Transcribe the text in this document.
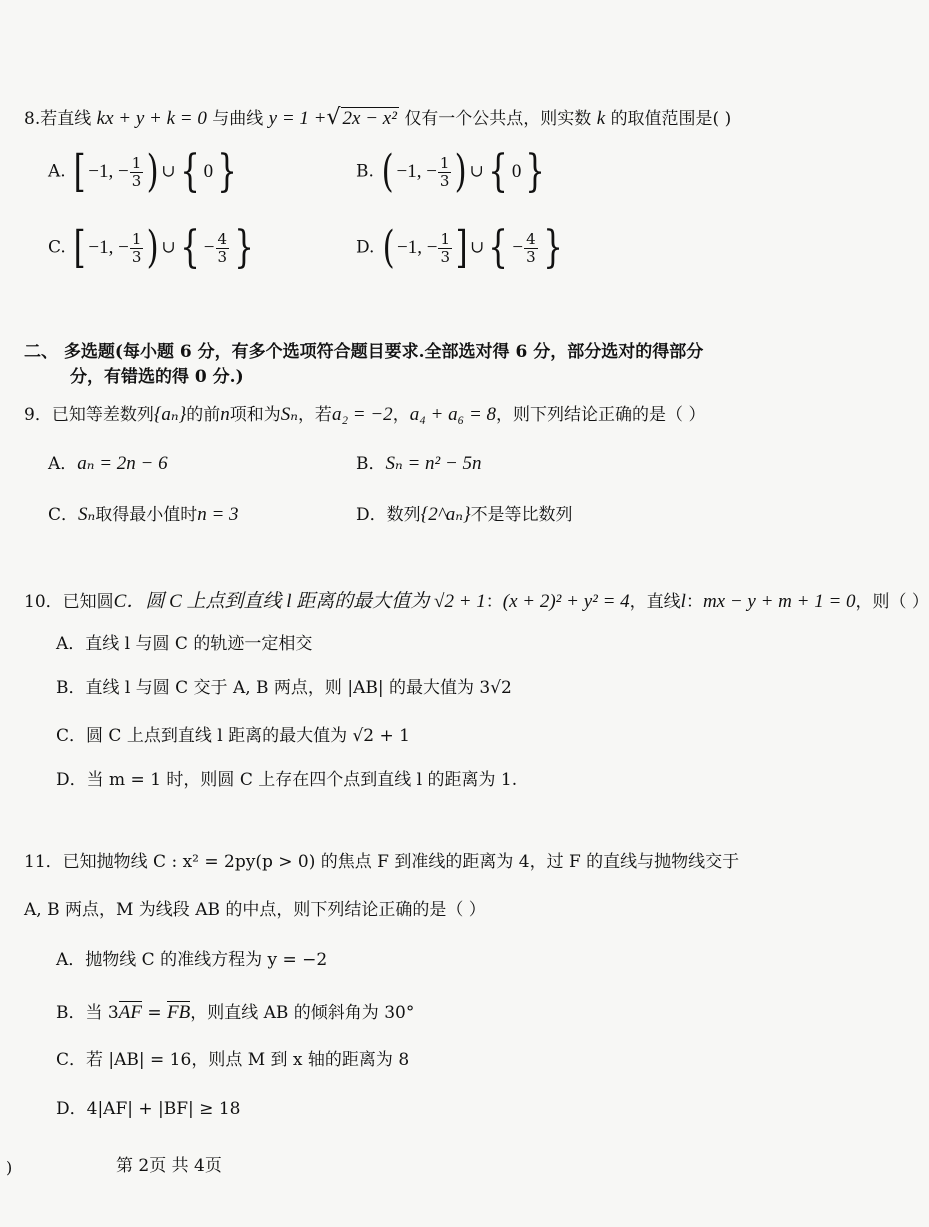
8.若直线 kx + y + k = 0 与曲线 y = 1 +√ 2x − x² 仅有一个公共点，则实数 k 的取值范围是( )
A. [ −1, − $\frac{1}{3}$ ) ∪{ 0}	B. ( −1, − $\frac{1}{3}$ ) ∪{ 0}
C. [ −1, − $\frac{1}{3}$ ) ∪{ − $\frac{4}{3}$ }	D. ( −1, − $\frac{1}{3}$ ] ∪{ − $\frac{4}{3}$ }
二、 多选题(每小题 6 分，有多个选项符合题目要求.全部选对得 6 分，部分选对的得部分
分，有错选的得 0 分.)
9．已知等差数列{aₙ}的前n项和为Sₙ，若a₂ = −2，a₄ + a₆ = 8，则下列结论正确的是（ ）
A．aₙ = 2n − 6	B．Sₙ = n² − 5n
C．Sₙ取得最小值时n = 3	D．数列{2^aₙ}不是等比数列
10．已知圆C．圆 C 上点到直线 l 距离的最大值为 √2 + 1：(x + 2)² + y² = 4，直线l：mx − y + m + 1 = 0，则（ ）
A．直线 l 与圆 C 的轨迹一定相交
B．直线 l 与圆 C 交于 A, B 两点，则 |AB| 的最大值为 3√2
C．圆 C 上点到直线 l 距离的最大值为 √2 + 1
D．当 m = 1 时，则圆 C 上存在四个点到直线 l 的距离为 1.
11．已知抛物线 C : x² = 2py(p > 0) 的焦点 F 到准线的距离为 4，过 F 的直线与抛物线交于
A, B 两点，M 为线段 AB 的中点，则下列结论正确的是（ ）
A．抛物线 C 的准线方程为 y = −2
B．当 3AF = FB，则直线 AB 的倾斜角为 30°
C．若 |AB| = 16，则点 M 到 x 轴的距离为 8
D．4|AF| + |BF| ≥ 18
)	第 2页 共 4页
